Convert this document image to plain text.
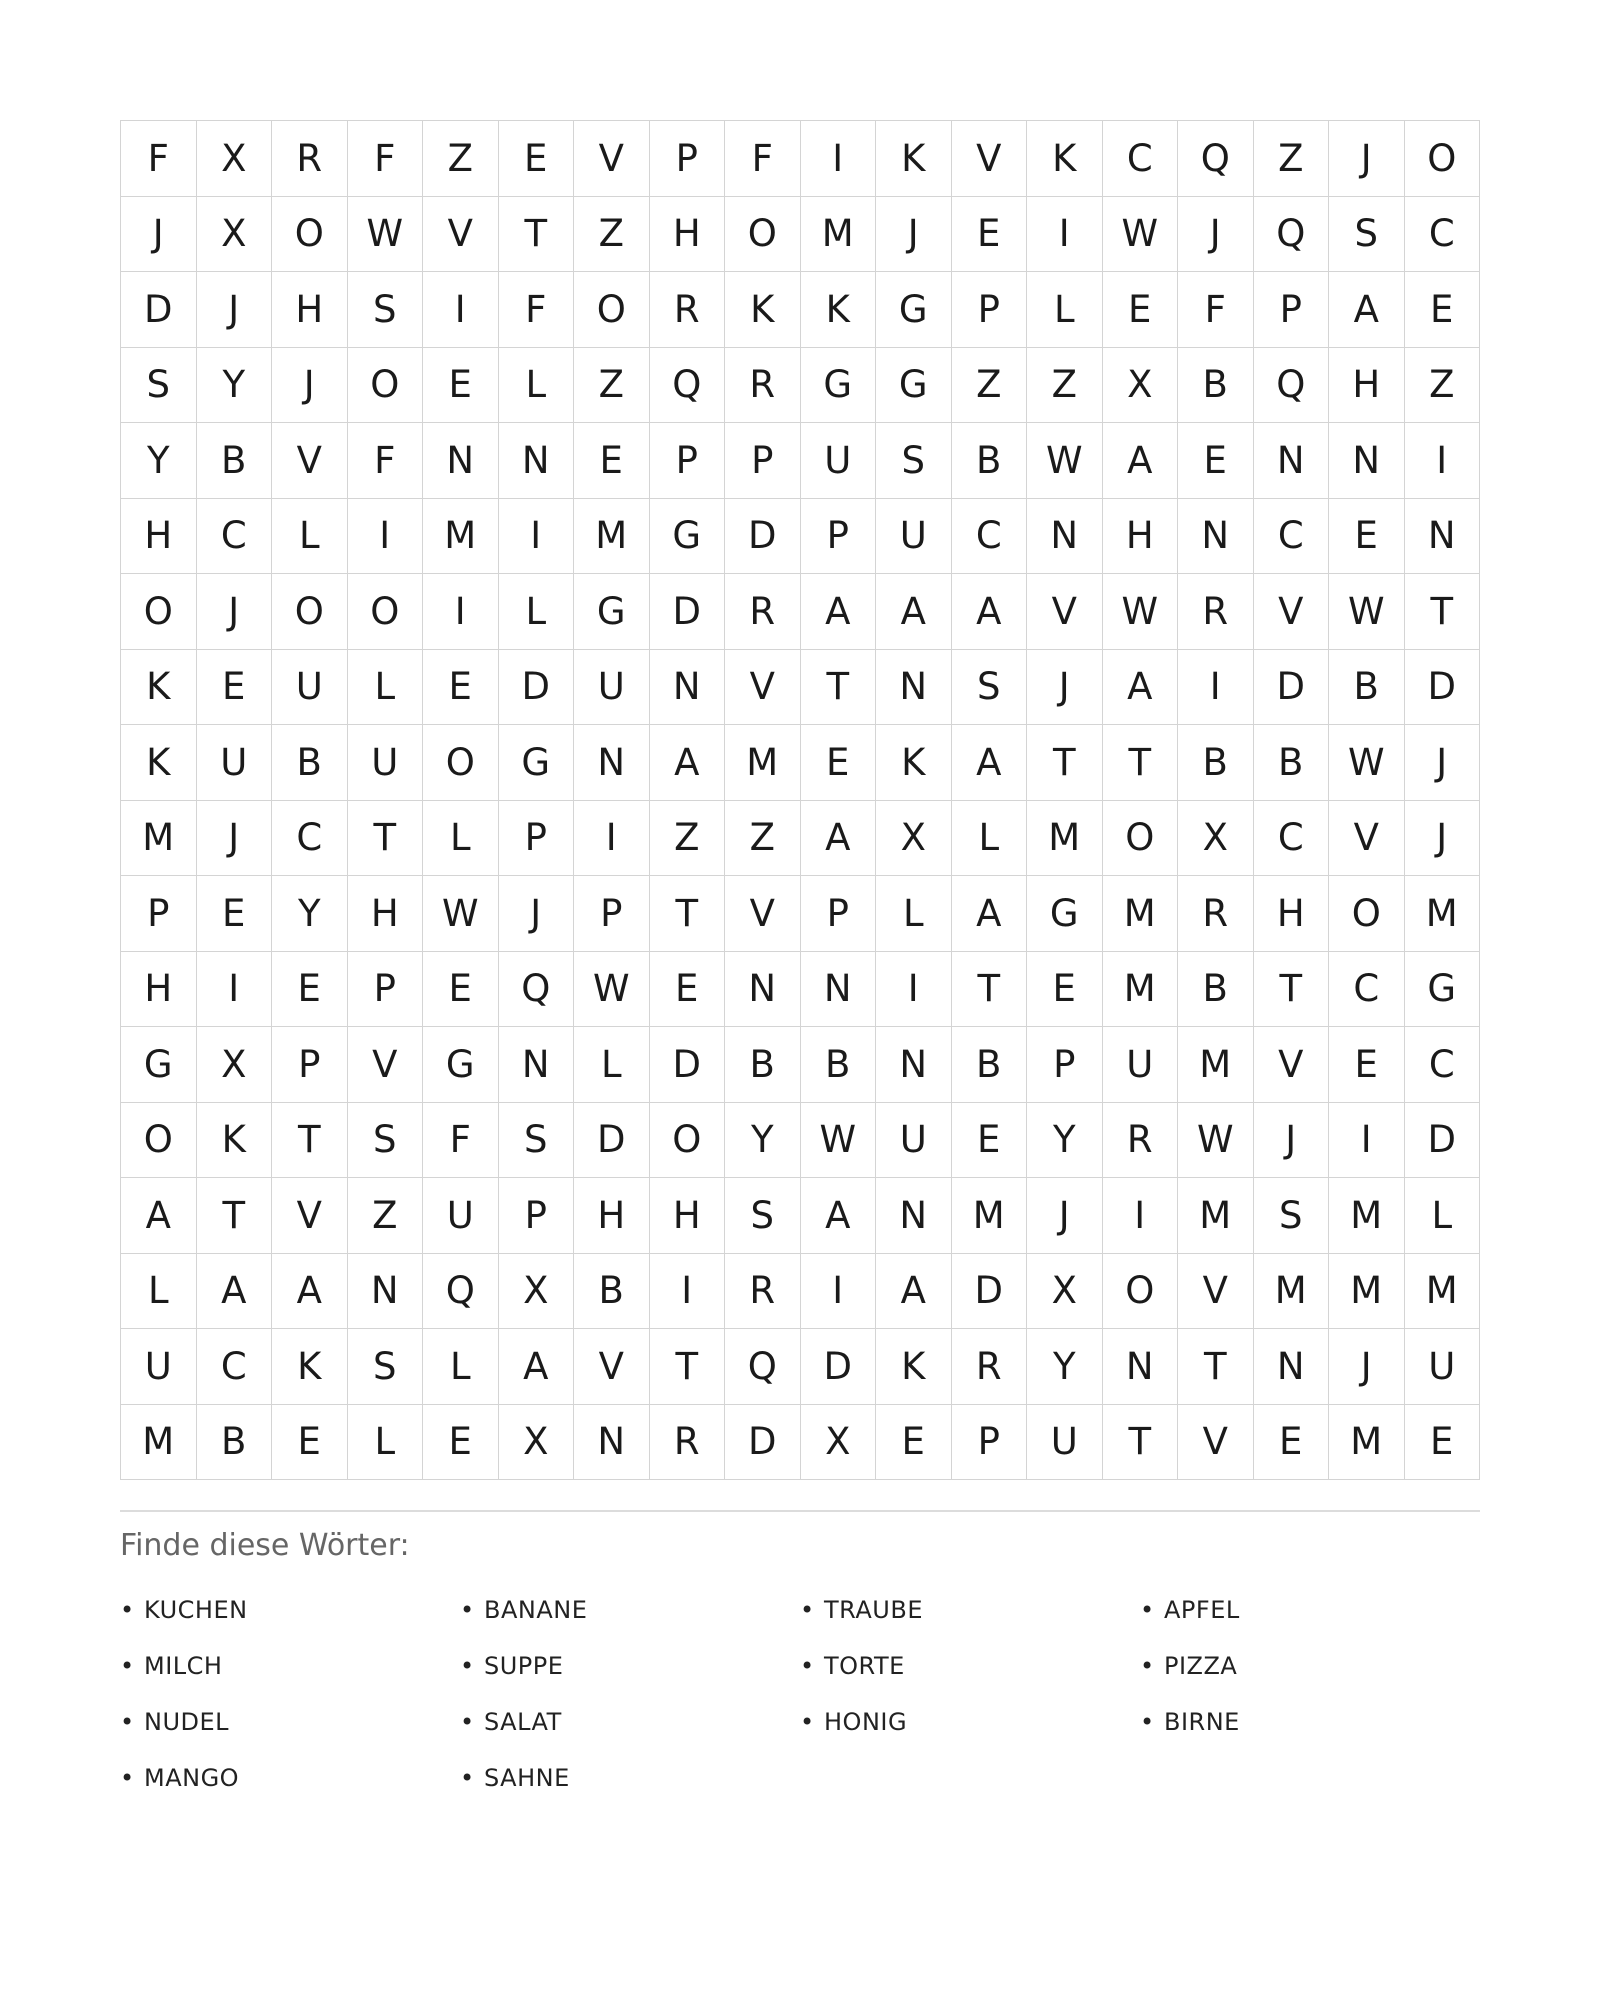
F	X	R	F	Z	E	V	P	F	I	K	V	K	C	Q	Z	J	O
J	X	O	W	V	T	Z	H	O	M	J	E	I	W	J	Q	S	C
D	J	H	S	I	F	O	R	K	K	G	P	L	E	F	P	A	E
S	Y	J	O	E	L	Z	Q	R	G	G	Z	Z	X	B	Q	H	Z
Y	B	V	F	N	N	E	P	P	U	S	B	W	A	E	N	N	I
H	C	L	I	M	I	M	G	D	P	U	C	N	H	N	C	E	N
O	J	O	O	I	L	G	D	R	A	A	A	V	W	R	V	W	T
K	E	U	L	E	D	U	N	V	T	N	S	J	A	I	D	B	D
K	U	B	U	O	G	N	A	M	E	K	A	T	T	B	B	W	J
M	J	C	T	L	P	I	Z	Z	A	X	L	M	O	X	C	V	J
P	E	Y	H	W	J	P	T	V	P	L	A	G	M	R	H	O	M
H	I	E	P	E	Q	W	E	N	N	I	T	E	M	B	T	C	G
G	X	P	V	G	N	L	D	B	B	N	B	P	U	M	V	E	C
O	K	T	S	F	S	D	O	Y	W	U	E	Y	R	W	J	I	D
A	T	V	Z	U	P	H	H	S	A	N	M	J	I	M	S	M	L
L	A	A	N	Q	X	B	I	R	I	A	D	X	O	V	M	M	M
U	C	K	S	L	A	V	T	Q	D	K	R	Y	N	T	N	J	U
M	B	E	L	E	X	N	R	D	X	E	P	U	T	V	E	M	E
Finde diese Wörter:
• KUCHEN	• BANANE	• TRAUBE	• APFEL
• MILCH	• SUPPE	• TORTE	• PIZZA
• NUDEL	• SALAT	• HONIG	• BIRNE
• MANGO	• SAHNE
